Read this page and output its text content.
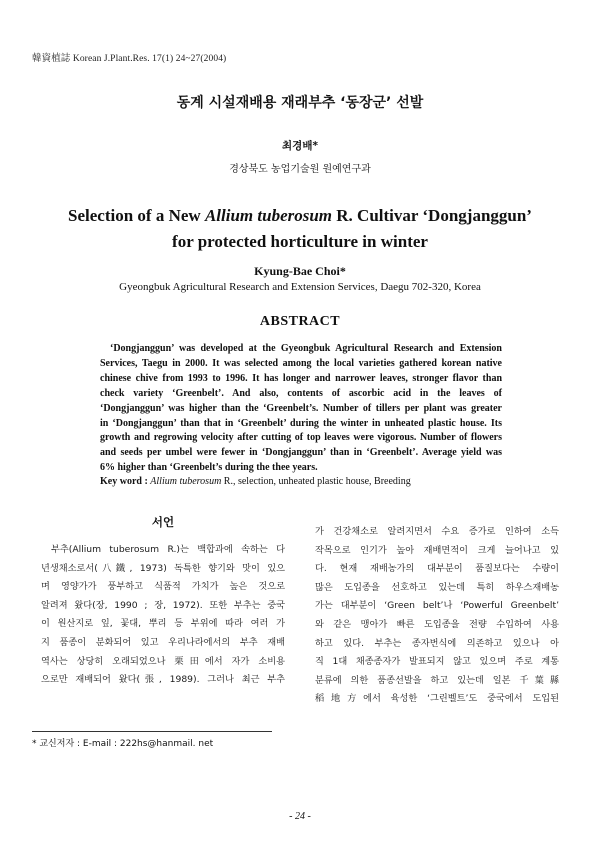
韓資植誌 Korean J.Plant.Res. 17(1) 24~27(2004)
동계 시설재배용 재래부추 ‘동장군’ 선발
최경배*
경상북도 농업기술원 원예연구과
Selection of a New Allium tuberosum R. Cultivar ‘Dongjanggun’
for protected horticulture in winter
Kyung-Bae Choi*
Gyeongbuk Agricultural Research and Extension Services, Daegu 702-320, Korea
ABSTRACT
‘Dongjanggun’ was developed at the Gyeongbuk Agricultural Research and Extension
Services, Taegu in 2000. It was selected among the local varieties gathered korean native
chinese chive from 1993 to 1996. It has longer and narrower leaves, stronger flavor than
check variety ‘Greenbelt’. And also, contents of ascorbic acid in the leaves of
‘Dongjanggun’ was higher than the ‘Greenbelt’s. Number of tillers per plant was greater
in ‘Dongjanggun’ than that in ‘Greenbelt’ during the winter in unheated plastic house. Its
growth and regrowing velocity after cutting of top leaves were vigorous. Number of flowers
and seeds per umbel were fewer in ‘Dongjanggun’ than in ‘Greenbelt’. Average yield was
6% higher than ‘Greenbelt’s during the thee years.
Key word : Allium tuberosum R., selection, unheated plastic house, Breeding
서언
부추(Allium tuberosum R.)는 백합과에 속하는 다
년생채소로서(八鐵, 1973) 독특한 향기와 맛이 있으
며 영양가가 풍부하고 식품적 가치가 높은 것으로
알려져 왔다(장, 1990 ; 장, 1972). 또한 부추는 중국
이 원산지로 잎, 꽃대, 뿌리 등 부위에 따라 여러 가
지 품종이 분화되어 있고 우리나라에서의 부추 재배
역사는 상당히 오래되었으나 栗田에서 자가 소비용
으로만 재배되어 왔다(張, 1989). 그러나 최근 부추
가 건강채소로 알려지면서 수요 증가로 인하여 소득
작목으로 인기가 높아 재배면적이 크게 늘어나고 있
다. 현재 재배농가의 대부분이 품질보다는 수량이
많은 도입종을 선호하고 있는데 특히 하우스재배농
가는 대부분이 ‘Green belt’나 ‘Powerful Greenbelt’
와 같은 맹아가 빠른 도입종을 전량 수입하여 사용
하고 있다. 부추는 종자번식에 의존하고 있으나 아
직 1대 채종종자가 발표되지 않고 있으며 주로 계통
분류에 의한 품종선발을 하고 있는데 일본 千葉縣
稻地方에서 육성한 ‘그린벨트’도 중국에서 도입된
* 교신저자 : E-mail : 222hs@hanmail. net
- 24 -
